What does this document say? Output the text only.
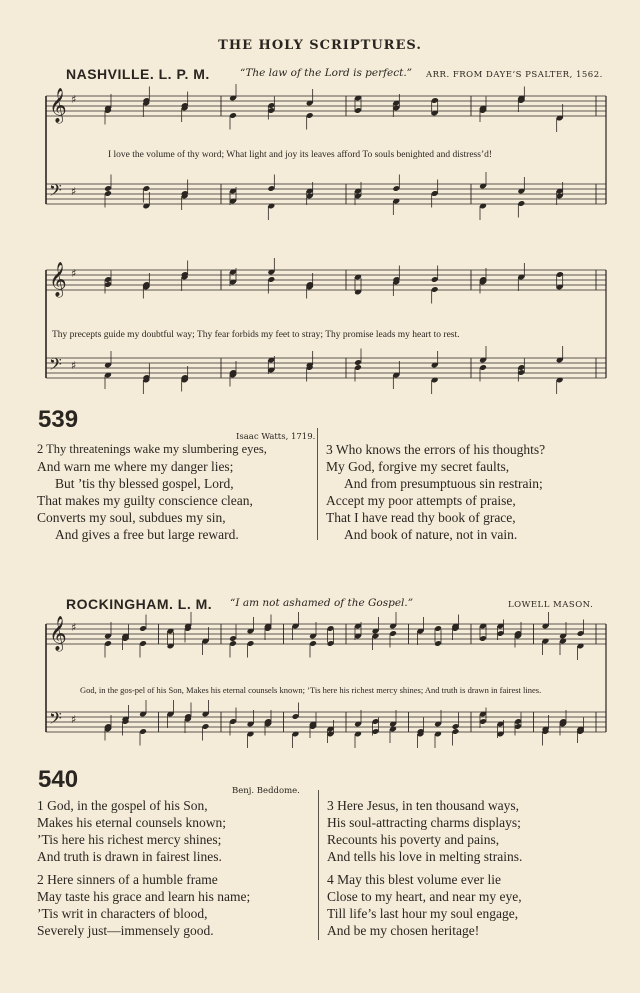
THE HOLY SCRIPTURES.
NASHVILLE. L. P. M.	“The law of the Lord is perfect.” ARR. FROM DAYE’S PSALTER, 1562.
𝄞 ♯
𝄢 ♯
I love the volume of thy word; What light and joy its leaves afford To souls benighted and distress’d!
𝄞 ♯
𝄢 ♯
Thy precepts guide my doubtful way; Thy fear forbids my feet to stray; Thy promise leads my heart to rest.
539
Isaac Watts, 1719.
2 Thy threatenings wake my slumbering eyes,
And warn me where my danger lies;
But ’tis thy blessed gospel, Lord,
That makes my guilty conscience clean,
Converts my soul, subdues my sin,
And gives a free but large reward.
3 Who knows the errors of his thoughts?
My God, forgive my secret faults,
And from presumptuous sin restrain;
Accept my poor attempts of praise,
That I have read thy book of grace,
And book of nature, not in vain.
ROCKINGHAM. L. M. “I am not ashamed of the Gospel.”	LOWELL MASON.
𝄞 ♯
𝄢 ♯
God, in the gos-pel of his Son, Makes his eternal counsels known; ’Tis here his richest mercy shines; And truth is drawn in fairest lines.
540	Benj. Beddome.
1 God, in the gospel of his Son,
Makes his eternal counsels known;
’Tis here his richest mercy shines;
And truth is drawn in fairest lines.
2 Here sinners of a humble frame
May taste his grace and learn his name;
’Tis writ in characters of blood,
Severely just—immensely good.
3 Here Jesus, in ten thousand ways,
His soul-attracting charms displays;
Recounts his poverty and pains,
And tells his love in melting strains.
4 May this blest volume ever lie
Close to my heart, and near my eye,
Till life’s last hour my soul engage,
And be my chosen heritage!
